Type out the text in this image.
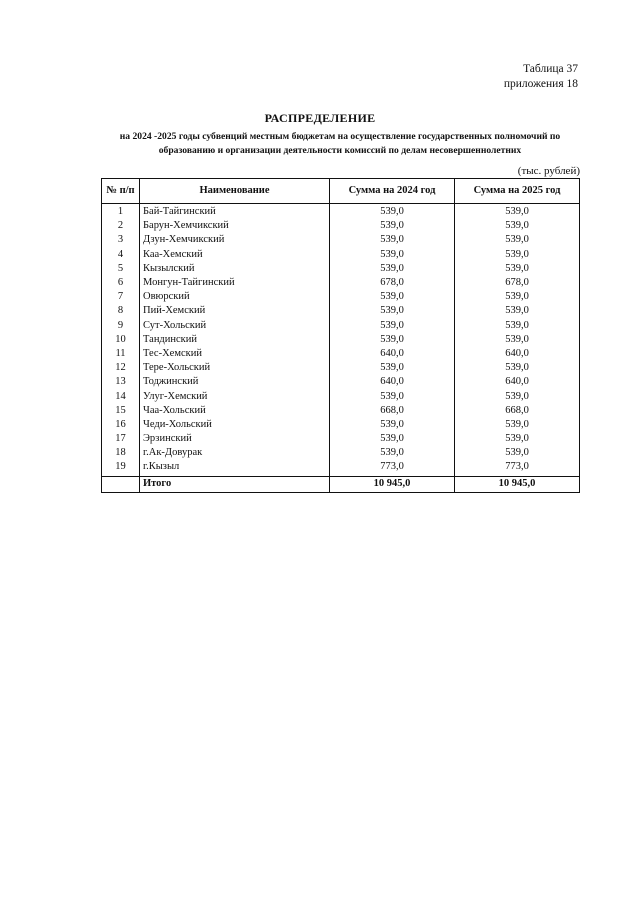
Таблица 37
приложения 18
РАСПРЕДЕЛЕНИЕ
на 2024 -2025 годы субвенций местным бюджетам на осуществление государственных полномочий по
образованию и организации деятельности комиссий по делам несовершеннолетних
(тыс. рублей)
№ п/п	Наименование	Сумма на 2024 год	Сумма на 2025 год
1	Бай-Тайгинский	539,0	539,0
2	Барун-Хемчикский	539,0	539,0
3	Дзун-Хемчикский	539,0	539,0
4	Каа-Хемский	539,0	539,0
5	Кызылский	539,0	539,0
6	Монгун-Тайгинский	678,0	678,0
7	Овюрский	539,0	539,0
8	Пий-Хемский	539,0	539,0
9	Сут-Хольский	539,0	539,0
10	Тандинский	539,0	539,0
11	Тес-Хемский	640,0	640,0
12	Тере-Хольский	539,0	539,0
13	Тоджинский	640,0	640,0
14	Улуг-Хемский	539,0	539,0
15	Чаа-Хольский	668,0	668,0
16	Чеди-Хольский	539,0	539,0
17	Эрзинский	539,0	539,0
18	г.Ак-Довурак	539,0	539,0
19	г.Кызыл	773,0	773,0
	Итого	10 945,0	10 945,0
